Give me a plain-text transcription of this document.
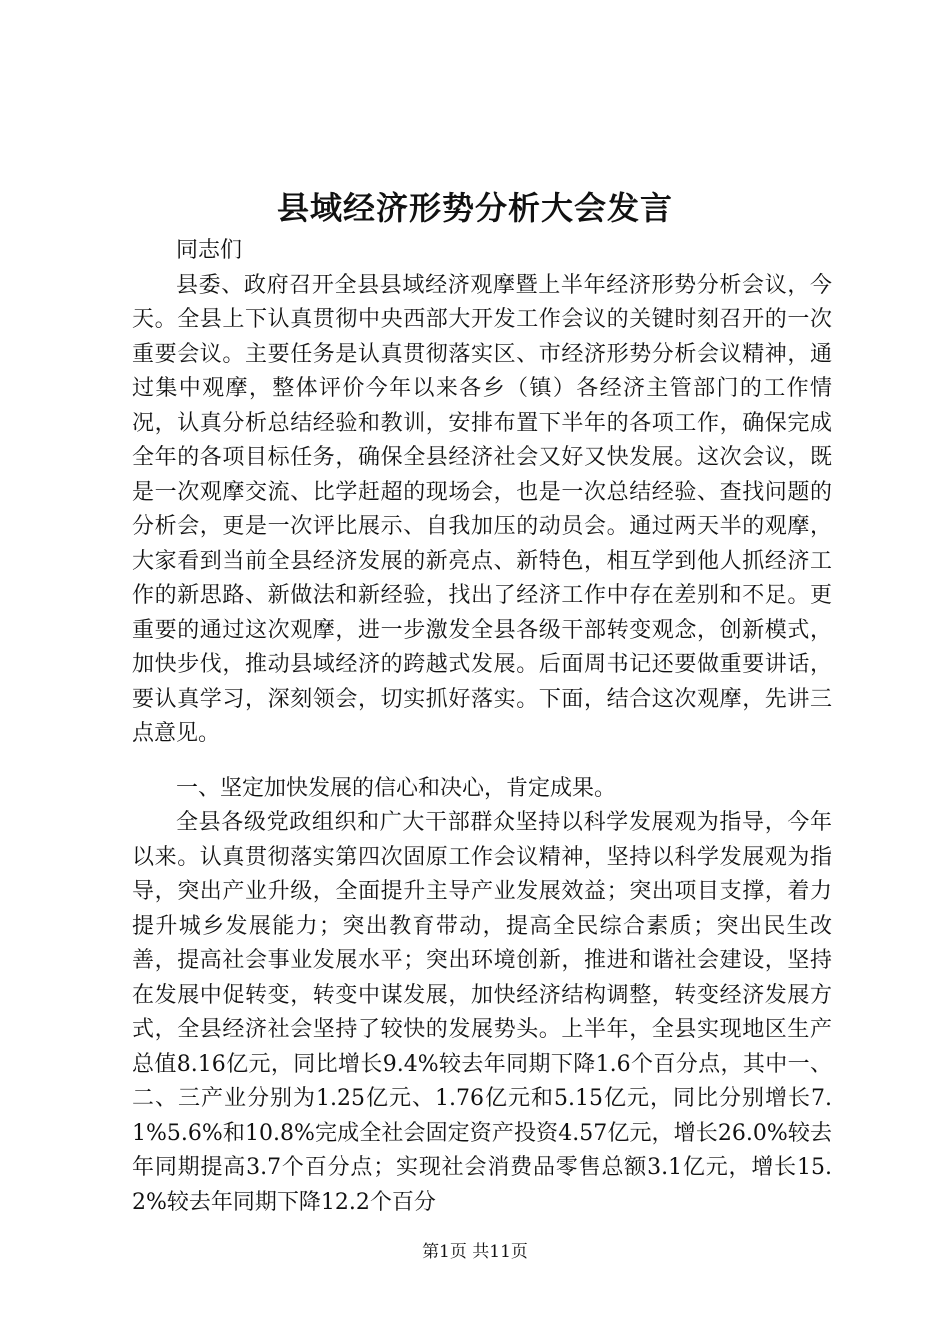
县域经济形势分析大会发言

同志们

县委、政府召开全县县域经济观摩暨上半年经济形势分析会议，今天。全县上下认真贯彻中央西部大开发工作会议的关键时刻召开的一次重要会议。主要任务是认真贯彻落实区、市经济形势分析会议精神，通过集中观摩，整体评价今年以来各乡（镇）各经济主管部门的工作情况，认真分析总结经验和教训，安排布置下半年的各项工作，确保完成全年的各项目标任务，确保全县经济社会又好又快发展。这次会议，既是一次观摩交流、比学赶超的现场会，也是一次总结经验、查找问题的分析会，更是一次评比展示、自我加压的动员会。通过两天半的观摩，大家看到当前全县经济发展的新亮点、新特色，相互学到他人抓经济工作的新思路、新做法和新经验，找出了经济工作中存在差别和不足。更重要的通过这次观摩，进一步激发全县各级干部转变观念，创新模式，加快步伐，推动县域经济的跨越式发展。后面周书记还要做重要讲话，要认真学习，深刻领会，切实抓好落实。下面，结合这次观摩，先讲三点意见。

一、坚定加快发展的信心和决心，肯定成果。

全县各级党政组织和广大干部群众坚持以科学发展观为指导，今年以来。认真贯彻落实第四次固原工作会议精神，坚持以科学发展观为指导，突出产业升级，全面提升主导产业发展效益；突出项目支撑，着力提升城乡发展能力；突出教育带动，提高全民综合素质；突出民生改善，提高社会事业发展水平；突出环境创新，推进和谐社会建设，坚持在发展中促转变，转变中谋发展，加快经济结构调整，转变经济发展方式，全县经济社会坚持了较快的发展势头。上半年，全县实现地区生产总值8.16亿元，同比增长9.4%较去年同期下降1.6个百分点，其中一、二、三产业分别为1.25亿元、1.76亿元和5.15亿元，同比分别增长7.1%5.6%和10.8%完成全社会固定资产投资4.57亿元，增长26.0%较去年同期提高3.7个百分点；实现社会消费品零售总额3.1亿元，增长15.2%较去年同期下降12.2个百分

第1页 共11页
